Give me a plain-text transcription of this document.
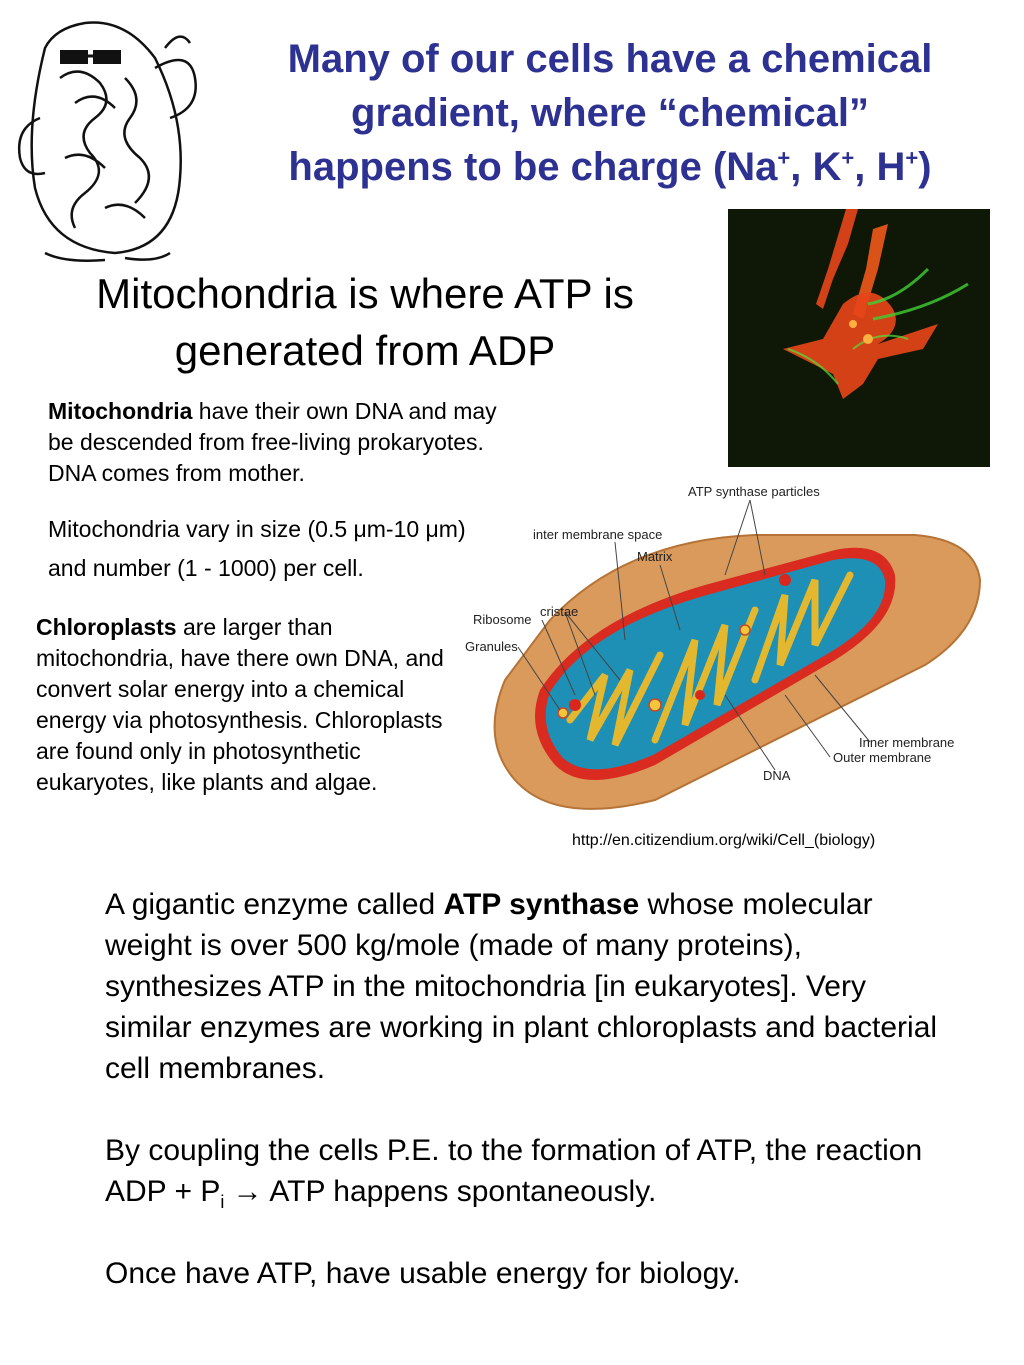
Many of our cells have a chemical
gradient, where “chemical”
happens to be charge (Na+, K+, H+)
Mitochondria is where ATP is generated from ADP
Mitochondria have their own DNA and may be descended from free-living prokaryotes. DNA comes from mother.
Mitochondria vary in size (0.5 μm-10 μm) and number (1 - 1000) per cell.
Chloroplasts are larger than mitochondria, have there own DNA, and convert solar energy into a chemical energy via photosynthesis. Chloroplasts are found only in photosynthetic eukaryotes, like plants and algae.
ATP synthase particles
inter membrane space
Matrix
Ribosome
cristae
Granules
Inner membrane
Outer membrane
DNA
http://en.citizendium.org/wiki/Cell_(biology)
A gigantic enzyme called ATP synthase whose molecular weight is over 500 kg/mole (made of many proteins), synthesizes ATP in the mitochondria [in eukaryotes]. Very similar enzymes are working in plant chloroplasts and bacterial cell membranes.
By coupling the cells P.E. to the formation of ATP, the reaction ADP + $P_i$ → ATP happens spontaneously.
Once have ATP, have usable energy for biology.
